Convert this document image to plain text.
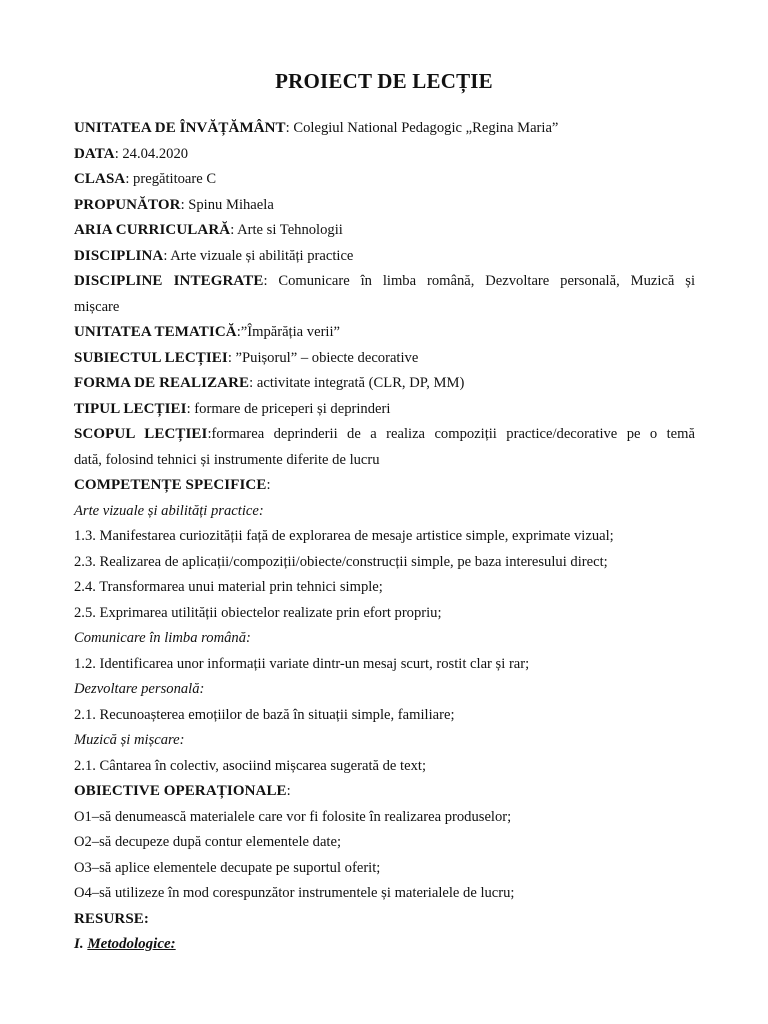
PROIECT DE LECȚIE
UNITATEA DE ÎNVĂȚĂMÂNT: Colegiul National Pedagogic „Regina Maria”
DATA: 24.04.2020
CLASA: pregătitoare C
PROPUNĂTOR: Spinu Mihaela
ARIA CURRICULARĂ: Arte si Tehnologii
DISCIPLINA: Arte vizuale și abilități practice
DISCIPLINE INTEGRATE: Comunicare în limba română, Dezvoltare personală, Muzică și
mișcare
UNITATEA TEMATICĂ:”Împărăția verii”
SUBIECTUL LECȚIEI: ”Puișorul” – obiecte decorative
FORMA DE REALIZARE: activitate integrată (CLR, DP, MM)
TIPUL LECȚIEI: formare de priceperi și deprinderi
SCOPUL LECȚIEI:formarea deprinderii de a realiza compoziții practice/decorative pe o temă
dată, folosind tehnici și instrumente diferite de lucru
COMPETENȚE SPECIFICE:
Arte vizuale și abilități practice:
1.3. Manifestarea curiozității față de explorarea de mesaje artistice simple, exprimate vizual;
2.3. Realizarea de aplicații/compoziții/obiecte/construcții simple, pe baza interesului direct;
2.4. Transformarea unui material prin tehnici simple;
2.5. Exprimarea utilității obiectelor realizate prin efort propriu;
Comunicare în limba română:
1.2. Identificarea unor informații variate dintr-un mesaj scurt, rostit clar și rar;
Dezvoltare personală:
2.1. Recunoașterea emoțiilor de bază în situații simple, familiare;
Muzică și mișcare:
2.1. Cântarea în colectiv, asociind mișcarea sugerată de text;
OBIECTIVE OPERAȚIONALE:
O1–să denumească materialele care vor fi folosite în realizarea produselor;
O2–să decupeze după contur elementele date;
O3–să aplice elementele decupate pe suportul oferit;
O4–să utilizeze în mod corespunzător instrumentele și materialele de lucru;
RESURSE:
I. Metodologice:
